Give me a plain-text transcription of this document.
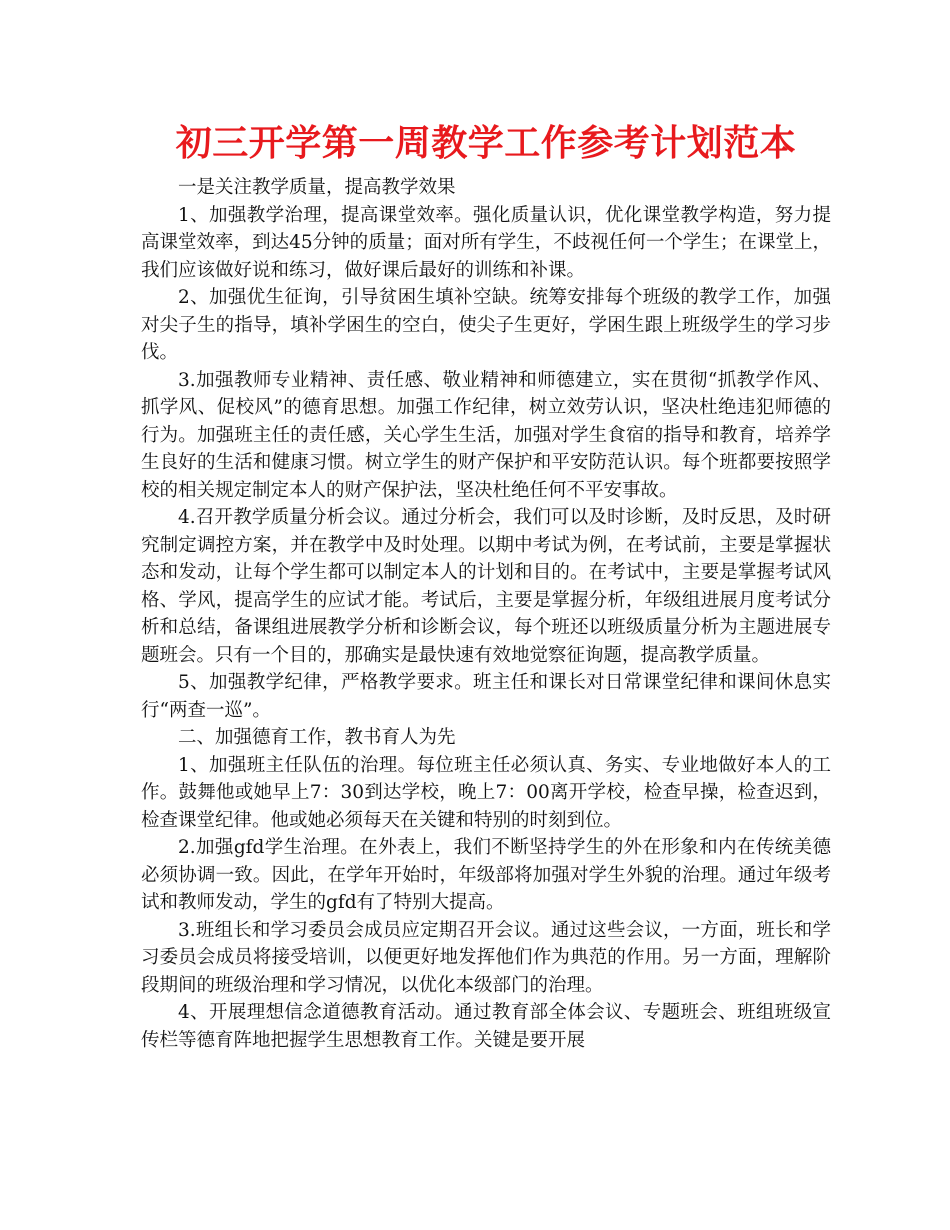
初三开学第一周教学工作参考计划范本

一是关注教学质量，提高教学效果

1、加强教学治理，提高课堂效率。强化质量认识，优化课堂教学构造，努力提高课堂效率，到达45分钟的质量；面对所有学生，不歧视任何一个学生；在课堂上，我们应该做好说和练习，做好课后最好的训练和补课。

2、加强优生征询，引导贫困生填补空缺。统筹安排每个班级的教学工作，加强对尖子生的指导，填补学困生的空白，使尖子生更好，学困生跟上班级学生的学习步伐。

3.加强教师专业精神、责任感、敬业精神和师德建立，实在贯彻“抓教学作风、抓学风、促校风”的德育思想。加强工作纪律，树立效劳认识，坚决杜绝违犯师德的行为。加强班主任的责任感，关心学生生活，加强对学生食宿的指导和教育，培养学生良好的生活和健康习惯。树立学生的财产保护和平安防范认识。每个班都要按照学校的相关规定制定本人的财产保护法，坚决杜绝任何不平安事故。

4.召开教学质量分析会议。通过分析会，我们可以及时诊断，及时反思，及时研究制定调控方案，并在教学中及时处理。以期中考试为例，在考试前，主要是掌握状态和发动，让每个学生都可以制定本人的计划和目的。在考试中，主要是掌握考试风格、学风，提高学生的应试才能。考试后，主要是掌握分析，年级组进展月度考试分析和总结，备课组进展教学分析和诊断会议，每个班还以班级质量分析为主题进展专题班会。只有一个目的，那确实是最快速有效地觉察征询题，提高教学质量。

5、加强教学纪律，严格教学要求。班主任和课长对日常课堂纪律和课间休息实行“两查一巡”。

二、加强德育工作，教书育人为先

1、加强班主任队伍的治理。每位班主任必须认真、务实、专业地做好本人的工作。鼓舞他或她早上7：30到达学校，晚上7：00离开学校，检查早操，检查迟到，检查课堂纪律。他或她必须每天在关键和特别的时刻到位。

2.加强gfd学生治理。在外表上，我们不断坚持学生的外在形象和内在传统美德必须协调一致。因此，在学年开始时，年级部将加强对学生外貌的治理。通过年级考试和教师发动，学生的gfd有了特别大提高。

3.班组长和学习委员会成员应定期召开会议。通过这些会议，一方面，班长和学习委员会成员将接受培训，以便更好地发挥他们作为典范的作用。另一方面，理解阶段期间的班级治理和学习情况，以优化本级部门的治理。

4、开展理想信念道德教育活动。通过教育部全体会议、专题班会、班组班级宣传栏等德育阵地把握学生思想教育工作。关键是要开展
